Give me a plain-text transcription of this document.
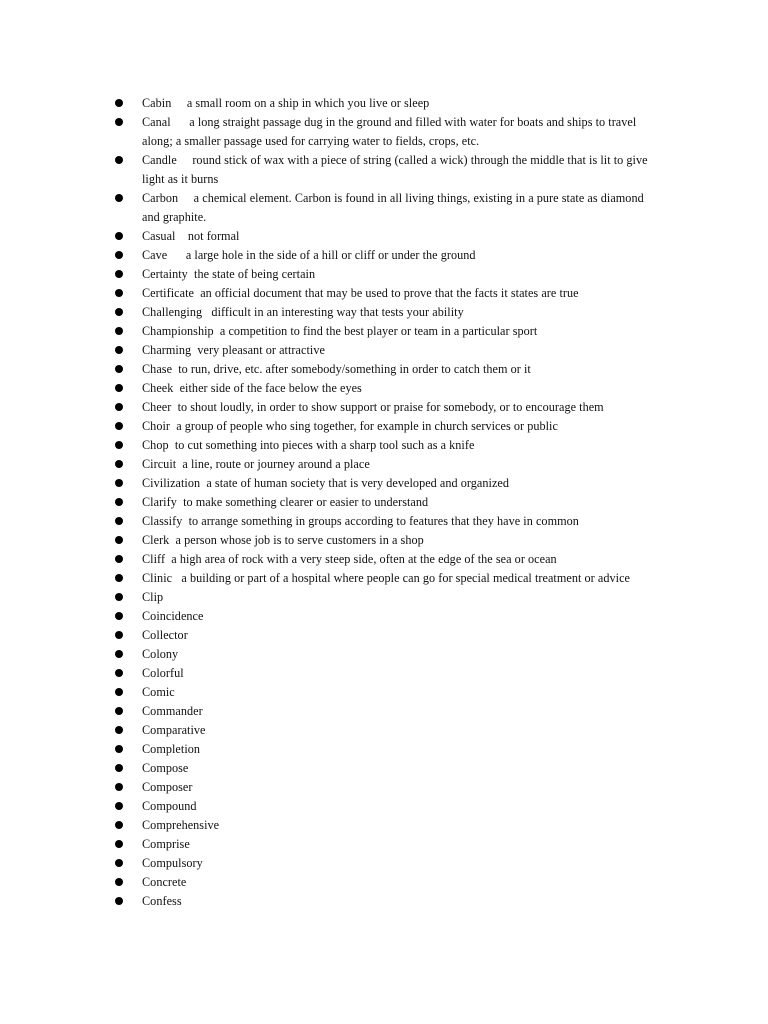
Cabin a small room on a ship in which you live or sleep
Canal a long straight passage dug in the ground and filled with water for boats and ships to travel along; a smaller passage used for carrying water to fields, crops, etc.
Candle round stick of wax with a piece of string (called a wick) through the middle that is lit to give light as it burns
Carbon a chemical element. Carbon is found in all living things, existing in a pure state as diamond and graphite.
Casual not formal
Cave a large hole in the side of a hill or cliff or under the ground
Certainty the state of being certain
Certificate an official document that may be used to prove that the facts it states are true
Challenging difficult in an interesting way that tests your ability
Championship a competition to find the best player or team in a particular sport
Charming very pleasant or attractive
Chase to run, drive, etc. after somebody/something in order to catch them or it
Cheek either side of the face below the eyes
Cheer to shout loudly, in order to show support or praise for somebody, or to encourage them
Choir a group of people who sing together, for example in church services or public
Chop to cut something into pieces with a sharp tool such as a knife
Circuit a line, route or journey around a place
Civilization a state of human society that is very developed and organized
Clarify to make something clearer or easier to understand
Classify to arrange something in groups according to features that they have in common
Clerk a person whose job is to serve customers in a shop
Cliff a high area of rock with a very steep side, often at the edge of the sea or ocean
Clinic a building or part of a hospital where people can go for special medical treatment or advice
Clip
Coincidence
Collector
Colony
Colorful
Comic
Commander
Comparative
Completion
Compose
Composer
Compound
Comprehensive
Comprise
Compulsory
Concrete
Confess
